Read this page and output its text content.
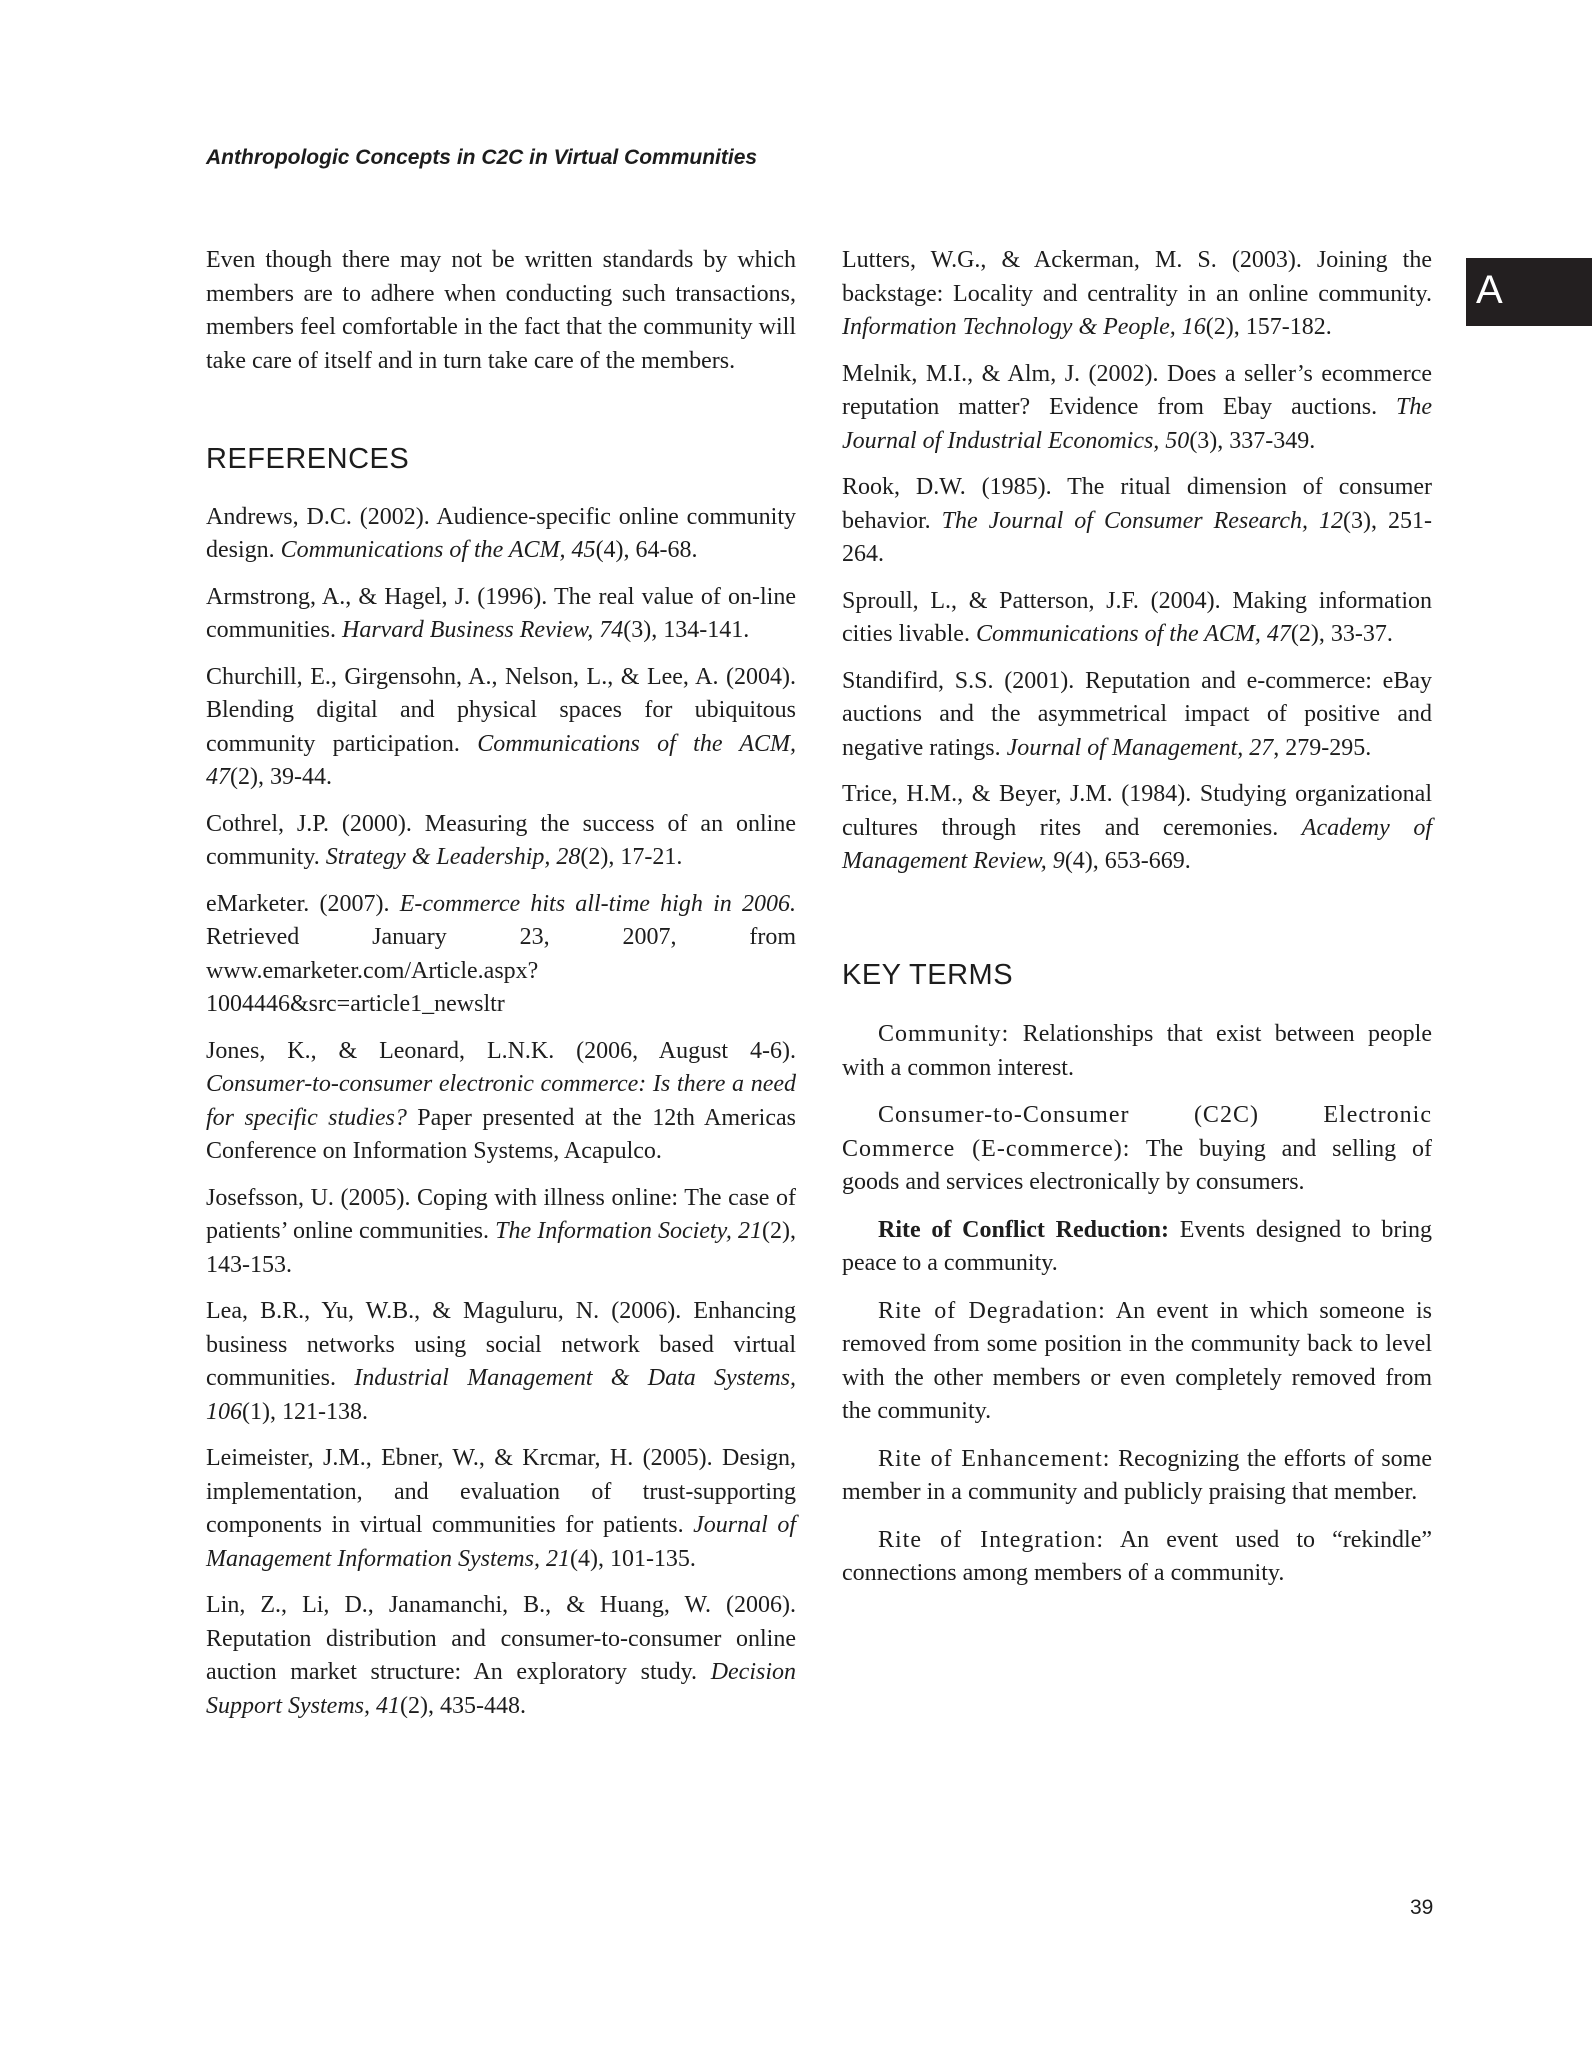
Anthropologic Concepts in C2C in Virtual Communities
A

Even though there may not be written standards by which members are to adhere when conducting such transactions, members feel comfortable in the fact that the community will take care of itself and in turn take care of the members.

REFERENCES

Andrews, D.C. (2002). Audience-specific online community design. Communications of the ACM, 45(4), 64-68.

Armstrong, A., & Hagel, J. (1996). The real value of on-line communities. Harvard Business Review, 74(3), 134-141.

Churchill, E., Girgensohn, A., Nelson, L., & Lee, A. (2004). Blending digital and physical spaces for ubiquitous community participation. Communications of the ACM, 47(2), 39-44.

Cothrel, J.P. (2000). Measuring the success of an online community. Strategy & Leadership, 28(2), 17-21.

eMarketer. (2007). E-commerce hits all-time high in 2006. Retrieved January 23, 2007, from www.emarketer.com/Article.aspx?1004446&src=article1_newsltr

Jones, K., & Leonard, L.N.K. (2006, August 4-6). Consumer-to-consumer electronic commerce: Is there a need for specific studies? Paper presented at the 12th Americas Conference on Information Systems, Acapulco.

Josefsson, U. (2005). Coping with illness online: The case of patients’ online communities. The Information Society, 21(2), 143-153.

Lea, B.R., Yu, W.B., & Maguluru, N. (2006). Enhancing business networks using social network based virtual communities. Industrial Management & Data Systems, 106(1), 121-138.

Leimeister, J.M., Ebner, W., & Krcmar, H. (2005). Design, implementation, and evaluation of trust-supporting components in virtual communities for patients. Journal of Management Information Systems, 21(4), 101-135.

Lin, Z., Li, D., Janamanchi, B., & Huang, W. (2006). Reputation distribution and consumer-to-consumer online auction market structure: An exploratory study. Decision Support Systems, 41(2), 435-448.

Lutters, W.G., & Ackerman, M. S. (2003). Joining the backstage: Locality and centrality in an online community. Information Technology & People, 16(2), 157-182.

Melnik, M.I., & Alm, J. (2002). Does a seller’s ecommerce reputation matter? Evidence from Ebay auctions. The Journal of Industrial Economics, 50(3), 337-349.

Rook, D.W. (1985). The ritual dimension of consumer behavior. The Journal of Consumer Research, 12(3), 251-264.

Sproull, L., & Patterson, J.F. (2004). Making information cities livable. Communications of the ACM, 47(2), 33-37.

Standifird, S.S. (2001). Reputation and e-commerce: eBay auctions and the asymmetrical impact of positive and negative ratings. Journal of Management, 27, 279-295.

Trice, H.M., & Beyer, J.M. (1984). Studying organizational cultures through rites and ceremonies. Academy of Management Review, 9(4), 653-669.

KEY TERMS

Community: Relationships that exist between people with a common interest.

Consumer-to-Consumer (C2C) Electronic Commerce (E-commerce): The buying and selling of goods and services electronically by consumers.

Rite of Conflict Reduction: Events designed to bring peace to a community.

Rite of Degradation: An event in which someone is removed from some position in the community back to level with the other members or even completely removed from the community.

Rite of Enhancement: Recognizing the efforts of some member in a community and publicly praising that member.

Rite of Integration: An event used to “rekindle” connections among members of a community.

39
